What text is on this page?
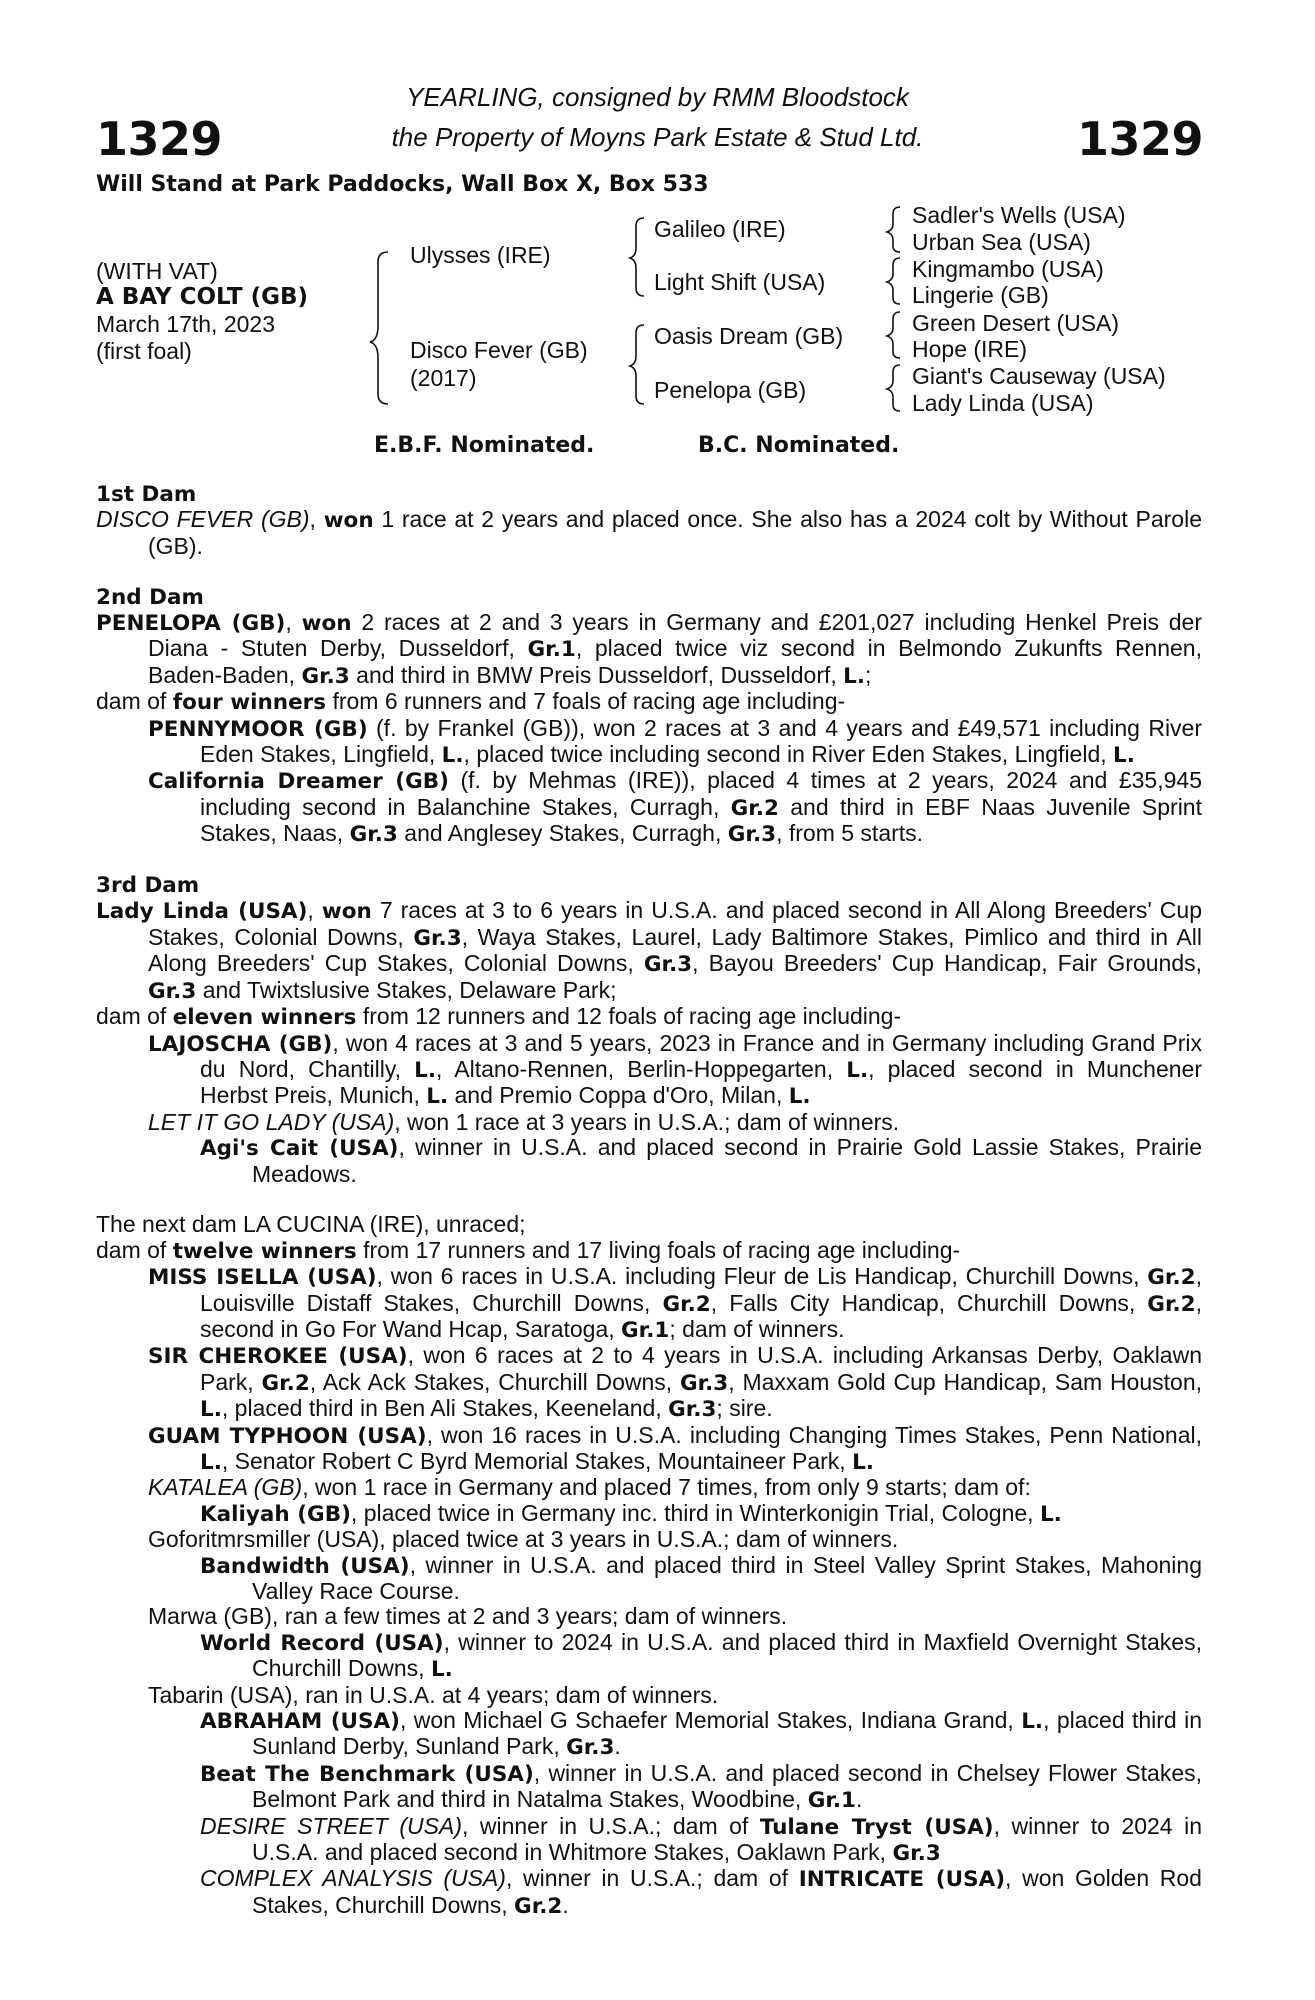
1329	1329
YEARLING, consigned by RMM Bloodstock
the Property of Moyns Park Estate & Stud Ltd.
Will Stand at Park Paddocks, Wall Box X, Box 533
(WITH VAT)
A BAY COLT (GB)
March 17th, 2023
(first foal)
Ulysses (IRE)
Disco Fever (GB)
(2017)
Galileo (IRE)
Light Shift (USA)
Oasis Dream (GB)
Penelopa (GB)
Sadler's Wells (USA)
Urban Sea (USA)
Kingmambo (USA)
Lingerie (GB)
Green Desert (USA)
Hope (IRE)
Giant's Causeway (USA)
Lady Linda (USA)
E.B.F. Nominated.	B.C. Nominated.
1st Dam

DISCO FEVER (GB), won 1 race at 2 years and placed once. She also has a 2024 colt by Without Parole (GB).

2nd Dam

PENELOPA (GB), won 2 races at 2 and 3 years in Germany and £201,027 including Henkel Preis der Diana - Stuten Derby, Dusseldorf, Gr.1, placed twice viz second in Belmondo Zukunfts Rennen, Baden-Baden, Gr.3 and third in BMW Preis Dusseldorf, Dusseldorf, L.;

dam of four winners from 6 runners and 7 foals of racing age including-

PENNYMOOR (GB) (f. by Frankel (GB)), won 2 races at 3 and 4 years and £49,571 including River Eden Stakes, Lingfield, L., placed twice including second in River Eden Stakes, Lingfield, L.

California Dreamer (GB) (f. by Mehmas (IRE)), placed 4 times at 2 years, 2024 and £35,945 including second in Balanchine Stakes, Curragh, Gr.2 and third in EBF Naas Juvenile Sprint Stakes, Naas, Gr.3 and Anglesey Stakes, Curragh, Gr.3, from 5 starts.

3rd Dam

Lady Linda (USA), won 7 races at 3 to 6 years in U.S.A. and placed second in All Along Breeders' Cup Stakes, Colonial Downs, Gr.3, Waya Stakes, Laurel, Lady Baltimore Stakes, Pimlico and third in All Along Breeders' Cup Stakes, Colonial Downs, Gr.3, Bayou Breeders' Cup Handicap, Fair Grounds, Gr.3 and Twixtslusive Stakes, Delaware Park;

dam of eleven winners from 12 runners and 12 foals of racing age including-

LAJOSCHA (GB), won 4 races at 3 and 5 years, 2023 in France and in Germany including Grand Prix du Nord, Chantilly, L., Altano-Rennen, Berlin-Hoppegarten, L., placed second in Munchener Herbst Preis, Munich, L. and Premio Coppa d'Oro, Milan, L.

LET IT GO LADY (USA), won 1 race at 3 years in U.S.A.; dam of winners.

Agi's Cait (USA), winner in U.S.A. and placed second in Prairie Gold Lassie Stakes, Prairie Meadows.

The next dam LA CUCINA (IRE), unraced;

dam of twelve winners from 17 runners and 17 living foals of racing age including-

MISS ISELLA (USA), won 6 races in U.S.A. including Fleur de Lis Handicap, Churchill Downs, Gr.2, Louisville Distaff Stakes, Churchill Downs, Gr.2, Falls City Handicap, Churchill Downs, Gr.2, second in Go For Wand Hcap, Saratoga, Gr.1; dam of winners.

SIR CHEROKEE (USA), won 6 races at 2 to 4 years in U.S.A. including Arkansas Derby, Oaklawn Park, Gr.2, Ack Ack Stakes, Churchill Downs, Gr.3, Maxxam Gold Cup Handicap, Sam Houston, L., placed third in Ben Ali Stakes, Keeneland, Gr.3; sire.

GUAM TYPHOON (USA), won 16 races in U.S.A. including Changing Times Stakes, Penn National, L., Senator Robert C Byrd Memorial Stakes, Mountaineer Park, L.

KATALEA (GB), won 1 race in Germany and placed 7 times, from only 9 starts; dam of:

Kaliyah (GB), placed twice in Germany inc. third in Winterkonigin Trial, Cologne, L.

Goforitmrsmiller (USA), placed twice at 3 years in U.S.A.; dam of winners.

Bandwidth (USA), winner in U.S.A. and placed third in Steel Valley Sprint Stakes, Mahoning Valley Race Course.

Marwa (GB), ran a few times at 2 and 3 years; dam of winners.

World Record (USA), winner to 2024 in U.S.A. and placed third in Maxfield Overnight Stakes, Churchill Downs, L.

Tabarin (USA), ran in U.S.A. at 4 years; dam of winners.

ABRAHAM (USA), won Michael G Schaefer Memorial Stakes, Indiana Grand, L., placed third in Sunland Derby, Sunland Park, Gr.3.

Beat The Benchmark (USA), winner in U.S.A. and placed second in Chelsey Flower Stakes, Belmont Park and third in Natalma Stakes, Woodbine, Gr.1.

DESIRE STREET (USA), winner in U.S.A.; dam of Tulane Tryst (USA), winner to 2024 in U.S.A. and placed second in Whitmore Stakes, Oaklawn Park, Gr.3

COMPLEX ANALYSIS (USA), winner in U.S.A.; dam of INTRICATE (USA), won Golden Rod Stakes, Churchill Downs, Gr.2.
